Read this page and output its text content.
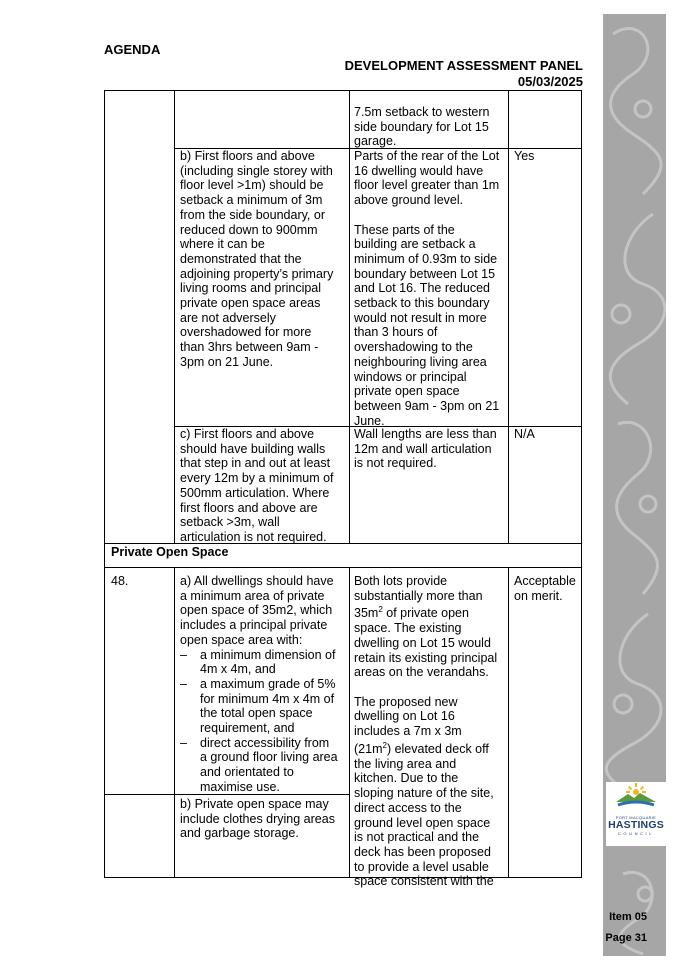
PORT MACQUARIE
HASTINGS
COUNCIL
AGENDA
DEVELOPMENT ASSESSMENT PANEL
05/03/2025

7.5m setback to western

side boundary for Lot 15

garage.

b) First floors and above

(including single storey with

floor level >1m) should be

setback a minimum of 3m

from the side boundary, or

reduced down to 900mm

where it can be

demonstrated that the

adjoining property’s primary

living rooms and principal

private open space areas

are not adversely

overshadowed for more

than 3hrs between 9am -

3pm on 21 June.

Parts of the rear of the Lot

16 dwelling would have

floor level greater than 1m

above ground level.

These parts of the

building are setback a

minimum of 0.93m to side

boundary between Lot 15

and Lot 16. The reduced

setback to this boundary

would not result in more

than 3 hours of

overshadowing to the

neighbouring living area

windows or principal

private open space

between 9am - 3pm on 21

June.

Yes

c) First floors and above

should have building walls

that step in and out at least

every 12m by a minimum of

500mm articulation. Where

first floors and above are

setback >3m, wall

articulation is not required.

Wall lengths are less than

12m and wall articulation

is not required.

N/A
Private Open Space
48.	a) All dwellings should have

a minimum area of private

open space of 35m2, which

includes a principal private

open space area with:

– a minimum dimension of

4m x 4m, and

– a maximum grade of 5%

for minimum 4m x 4m of

the total open space

requirement, and

– direct accessibility from

a ground floor living area

and orientated to

maximise use.

b) Private open space may

include clothes drying areas

and garbage storage.

Both lots provide

substantially more than

$35m^2$ of private open

space. The existing

dwelling on Lot 15 would

retain its existing principal

areas on the verandahs.

The proposed new

dwelling on Lot 16

includes a 7m x 3m

$(21m^2)$ elevated deck off

the living area and

kitchen. Due to the

sloping nature of the site,

direct access to the

ground level open space

is not practical and the

deck has been proposed

to provide a level usable

space consistent with the

Acceptable

on merit.

Item 05
Page 31
